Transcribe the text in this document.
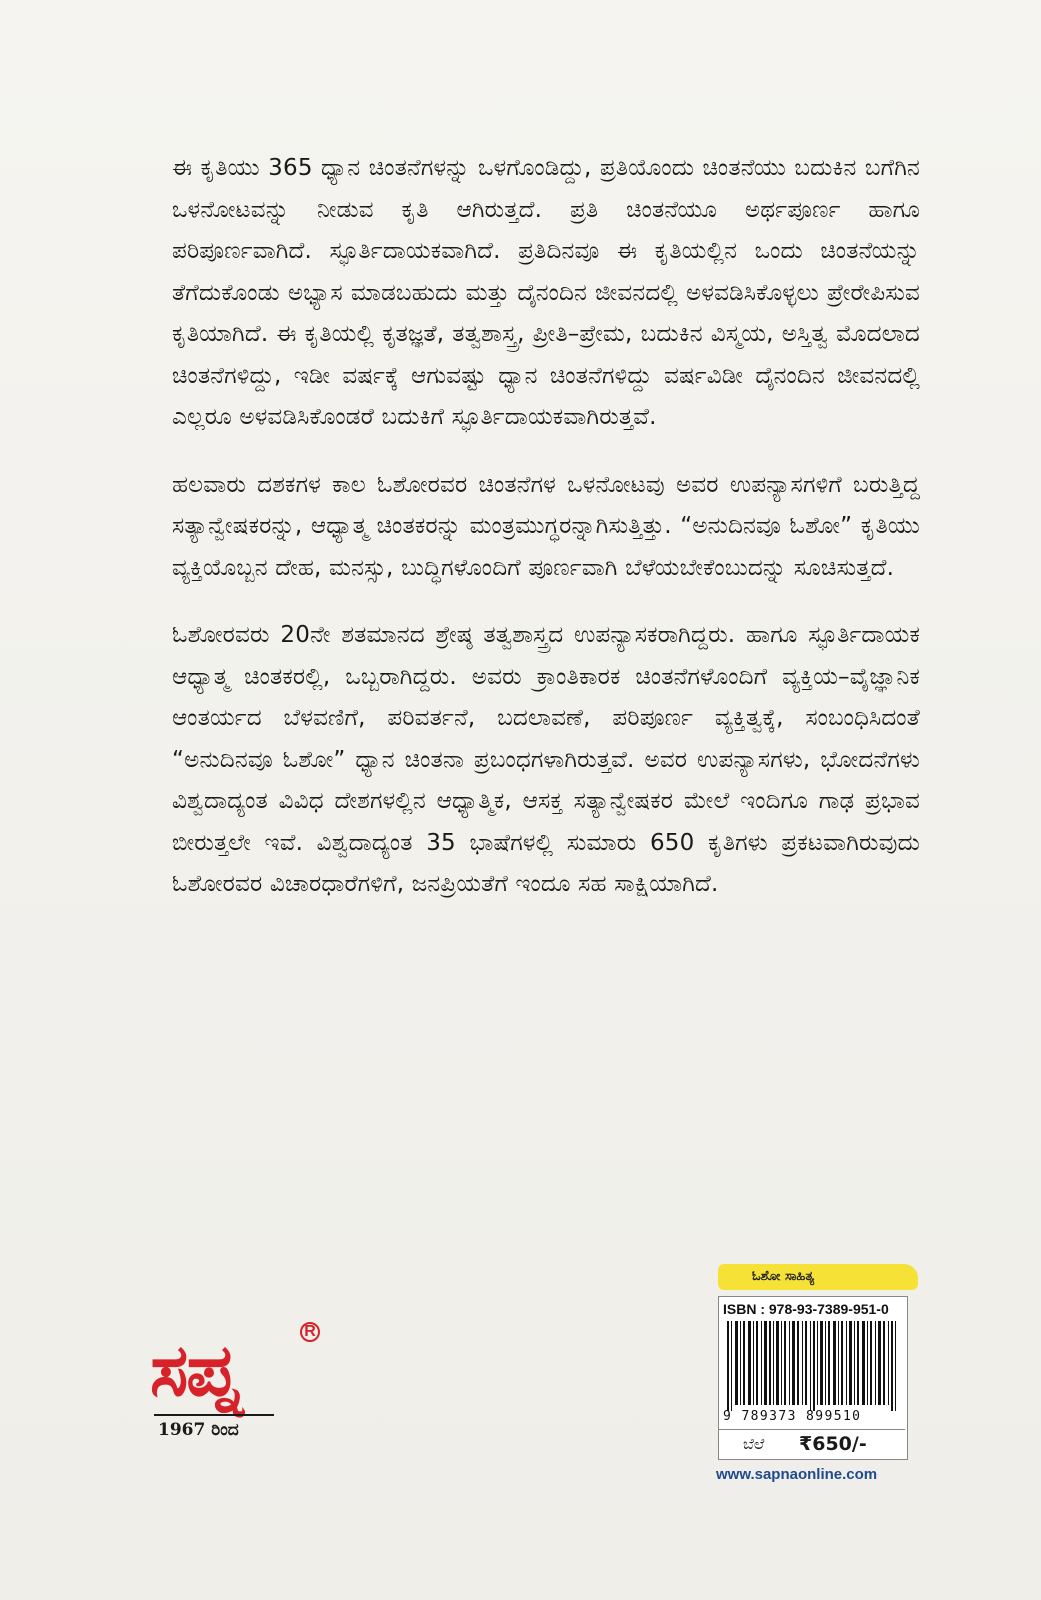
ಈ ಕೃತಿಯು 365 ಧ್ಯಾನ ಚಿಂತನೆಗಳನ್ನು ಒಳಗೊಂಡಿದ್ದು, ಪ್ರತಿಯೊಂದು ಚಿಂತನೆಯು ಬದುಕಿನ ಬಗೆಗಿನ ಒಳನೋಟವನ್ನು ನೀಡುವ ಕೃತಿ ಆಗಿರುತ್ತದೆ. ಪ್ರತಿ ಚಿಂತನೆಯೂ ಅರ್ಥಪೂರ್ಣ ಹಾಗೂ ಪರಿಪೂರ್ಣವಾಗಿದೆ. ಸ್ಫೂರ್ತಿದಾಯಕವಾಗಿದೆ. ಪ್ರತಿದಿನವೂ ಈ ಕೃತಿಯಲ್ಲಿನ ಒಂದು ಚಿಂತನೆಯನ್ನು ತೆಗೆದುಕೊಂಡು ಅಭ್ಯಾಸ ಮಾಡಬಹುದು ಮತ್ತು ದೈನಂದಿನ ಜೀವನದಲ್ಲಿ ಅಳವಡಿಸಿಕೊಳ್ಳಲು ಪ್ರೇರೇಪಿಸುವ ಕೃತಿಯಾಗಿದೆ. ಈ ಕೃತಿಯಲ್ಲಿ ಕೃತಜ್ಞತೆ, ತತ್ವಶಾಸ್ತ್ರ, ಪ್ರೀತಿ–ಪ್ರೇಮ, ಬದುಕಿನ ವಿಸ್ಮಯ, ಅಸ್ತಿತ್ವ ಮೊದಲಾದ ಚಿಂತನೆಗಳಿದ್ದು, ಇಡೀ ವರ್ಷಕ್ಕೆ ಆಗುವಷ್ಟು ಧ್ಯಾನ ಚಿಂತನೆಗಳಿದ್ದು ವರ್ಷವಿಡೀ ದೈನಂದಿನ ಜೀವನದಲ್ಲಿ ಎಲ್ಲರೂ ಅಳವಡಿಸಿಕೊಂಡರೆ ಬದುಕಿಗೆ ಸ್ಫೂರ್ತಿದಾಯಕವಾಗಿರುತ್ತವೆ.

ಹಲವಾರು ದಶಕಗಳ ಕಾಲ ಓಶೋರವರ ಚಿಂತನೆಗಳ ಒಳನೋಟವು ಅವರ ಉಪನ್ಯಾಸಗಳಿಗೆ ಬರುತ್ತಿದ್ದ ಸತ್ಯಾನ್ವೇಷಕರನ್ನು, ಆಧ್ಯಾತ್ಮ ಚಿಂತಕರನ್ನು ಮಂತ್ರಮುಗ್ಧರನ್ನಾಗಿಸುತ್ತಿತ್ತು. “ಅನುದಿನವೂ ಓಶೋ” ಕೃತಿಯು ವ್ಯಕ್ತಿಯೊಬ್ಬನ ದೇಹ, ಮನಸ್ಸು, ಬುದ್ಧಿಗಳೊಂದಿಗೆ ಪೂರ್ಣವಾಗಿ ಬೆಳೆಯಬೇಕೆಂಬುದನ್ನು ಸೂಚಿಸುತ್ತದೆ.

ಓಶೋರವರು 20ನೇ ಶತಮಾನದ ಶ್ರೇಷ್ಠ ತತ್ವಶಾಸ್ತ್ರದ ಉಪನ್ಯಾಸಕರಾಗಿದ್ದರು. ಹಾಗೂ ಸ್ಫೂರ್ತಿದಾಯಕ ಆಧ್ಯಾತ್ಮ ಚಿಂತಕರಲ್ಲಿ, ಒಬ್ಬರಾಗಿದ್ದರು. ಅವರು ಕ್ರಾಂತಿಕಾರಕ ಚಿಂತನೆಗಳೊಂದಿಗೆ ವ್ಯಕ್ತಿಯ–ವೈಜ್ಞಾನಿಕ ಆಂತರ್ಯದ ಬೆಳವಣಿಗೆ, ಪರಿವರ್ತನೆ, ಬದಲಾವಣೆ, ಪರಿಪೂರ್ಣ ವ್ಯಕ್ತಿತ್ವಕ್ಕೆ, ಸಂಬಂಧಿಸಿದಂತೆ “ಅನುದಿನವೂ ಓಶೋ” ಧ್ಯಾನ ಚಿಂತನಾ ಪ್ರಬಂಧಗಳಾಗಿರುತ್ತವೆ. ಅವರ ಉಪನ್ಯಾಸಗಳು, ಭೋದನೆಗಳು ವಿಶ್ವದಾದ್ಯಂತ ವಿವಿಧ ದೇಶಗಳಲ್ಲಿನ ಆಧ್ಯಾತ್ಮಿಕ, ಆಸಕ್ತ ಸತ್ಯಾನ್ವೇಷಕರ ಮೇಲೆ ಇಂದಿಗೂ ಗಾಢ ಪ್ರಭಾವ ಬೀರುತ್ತಲೇ ಇವೆ. ವಿಶ್ವದಾದ್ಯಂತ 35 ಭಾಷೆಗಳಲ್ಲಿ ಸುಮಾರು 650 ಕೃತಿಗಳು ಪ್ರಕಟವಾಗಿರುವುದು ಓಶೋರವರ ವಿಚಾರಧಾರೆಗಳಿಗೆ, ಜನಪ್ರಿಯತೆಗೆ ಇಂದೂ ಸಹ ಸಾಕ್ಷಿಯಾಗಿದೆ.

ಸಪ್ನ	R
1967 ರಿಂದ
ಓಶೋ ಸಾಹಿತ್ಯ
ISBN : 978-93-7389-951-0
9 789373 899510
ಬೆಲೆ ₹650/-
www.sapnaonline.com
